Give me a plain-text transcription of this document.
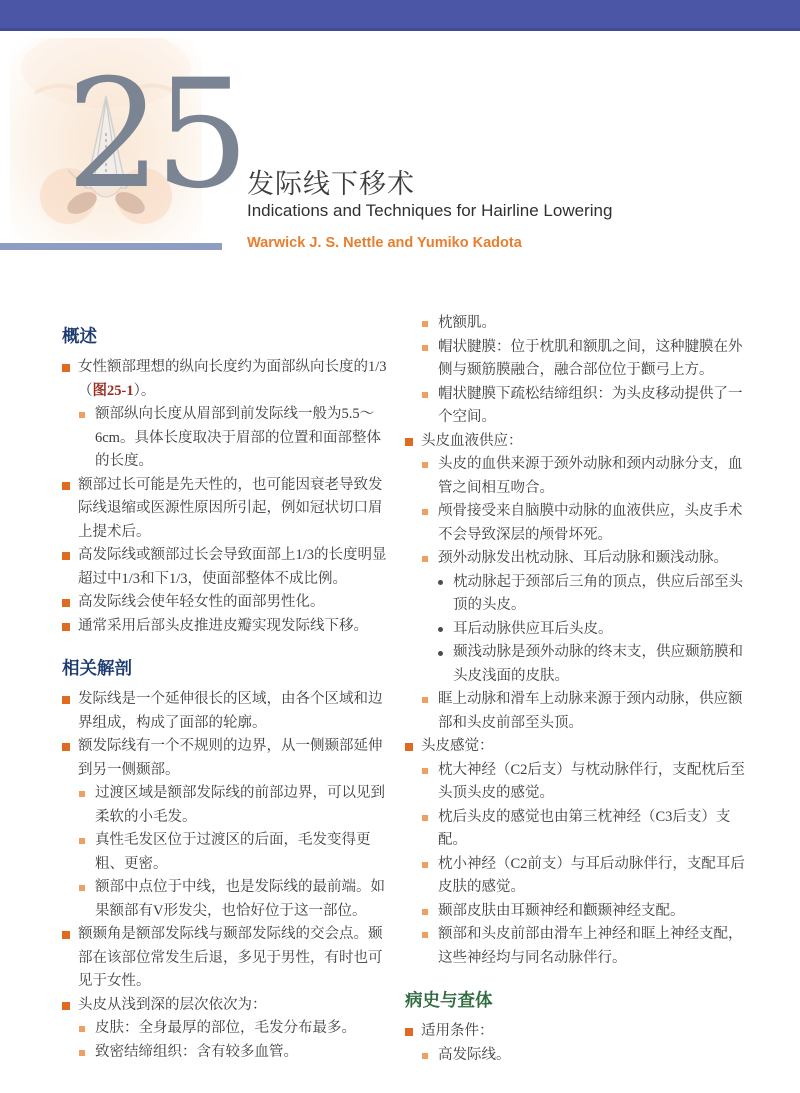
25 发际线下移术
Indications and Techniques for Hairline Lowering
Warwick J. S. Nettle and Yumiko Kadota
概述
女性额部理想的纵向长度约为面部纵向长度的1/3（图25-1）。
额部纵向长度从眉部到前发际线一般为5.5～6cm。具体长度取决于眉部的位置和面部整体的长度。
额部过长可能是先天性的，也可能因衰老导致发际线退缩或医源性原因所引起，例如冠状切口眉上提术后。
高发际线或额部过长会导致面部上1/3的长度明显超过中1/3和下1/3，使面部整体不成比例。
高发际线会使年轻女性的面部男性化。
通常采用后部头皮推进皮瓣实现发际线下移。
相关解剖
发际线是一个延伸很长的区域，由各个区域和边界组成，构成了面部的轮廓。
额发际线有一个不规则的边界，从一侧颞部延伸到另一侧颞部。
过渡区域是额部发际线的前部边界，可以见到柔软的小毛发。
真性毛发区位于过渡区的后面，毛发变得更粗、更密。
额部中点位于中线，也是发际线的最前端。如果额部有V形发尖，也恰好位于这一部位。
额颞角是额部发际线与颞部发际线的交会点。颞部在该部位常发生后退，多见于男性，有时也可见于女性。
头皮从浅到深的层次依次为：
皮肤：全身最厚的部位，毛发分布最多。
致密结缔组织：含有较多血管。
枕额肌。
帽状腱膜：位于枕肌和额肌之间，这种腱膜在外侧与颞筋膜融合，融合部位位于颧弓上方。
帽状腱膜下疏松结缔组织：为头皮移动提供了一个空间。
头皮血液供应：
头皮的血供来源于颈外动脉和颈内动脉分支，血管之间相互吻合。
颅骨接受来自脑膜中动脉的血液供应，头皮手术不会导致深层的颅骨坏死。
颈外动脉发出枕动脉、耳后动脉和颞浅动脉。
枕动脉起于颈部后三角的顶点，供应后部至头顶的头皮。
耳后动脉供应耳后头皮。
颞浅动脉是颈外动脉的终末支，供应颞筋膜和头皮浅面的皮肤。
眶上动脉和滑车上动脉来源于颈内动脉，供应额部和头皮前部至头顶。
头皮感觉：
枕大神经（C2后支）与枕动脉伴行，支配枕后至头顶头皮的感觉。
枕后头皮的感觉也由第三枕神经（C3后支）支配。
枕小神经（C2前支）与耳后动脉伴行，支配耳后皮肤的感觉。
颞部皮肤由耳颞神经和颧颞神经支配。
额部和头皮前部由滑车上神经和眶上神经支配，这些神经均与同名动脉伴行。
病史与查体
适用条件：
高发际线。
